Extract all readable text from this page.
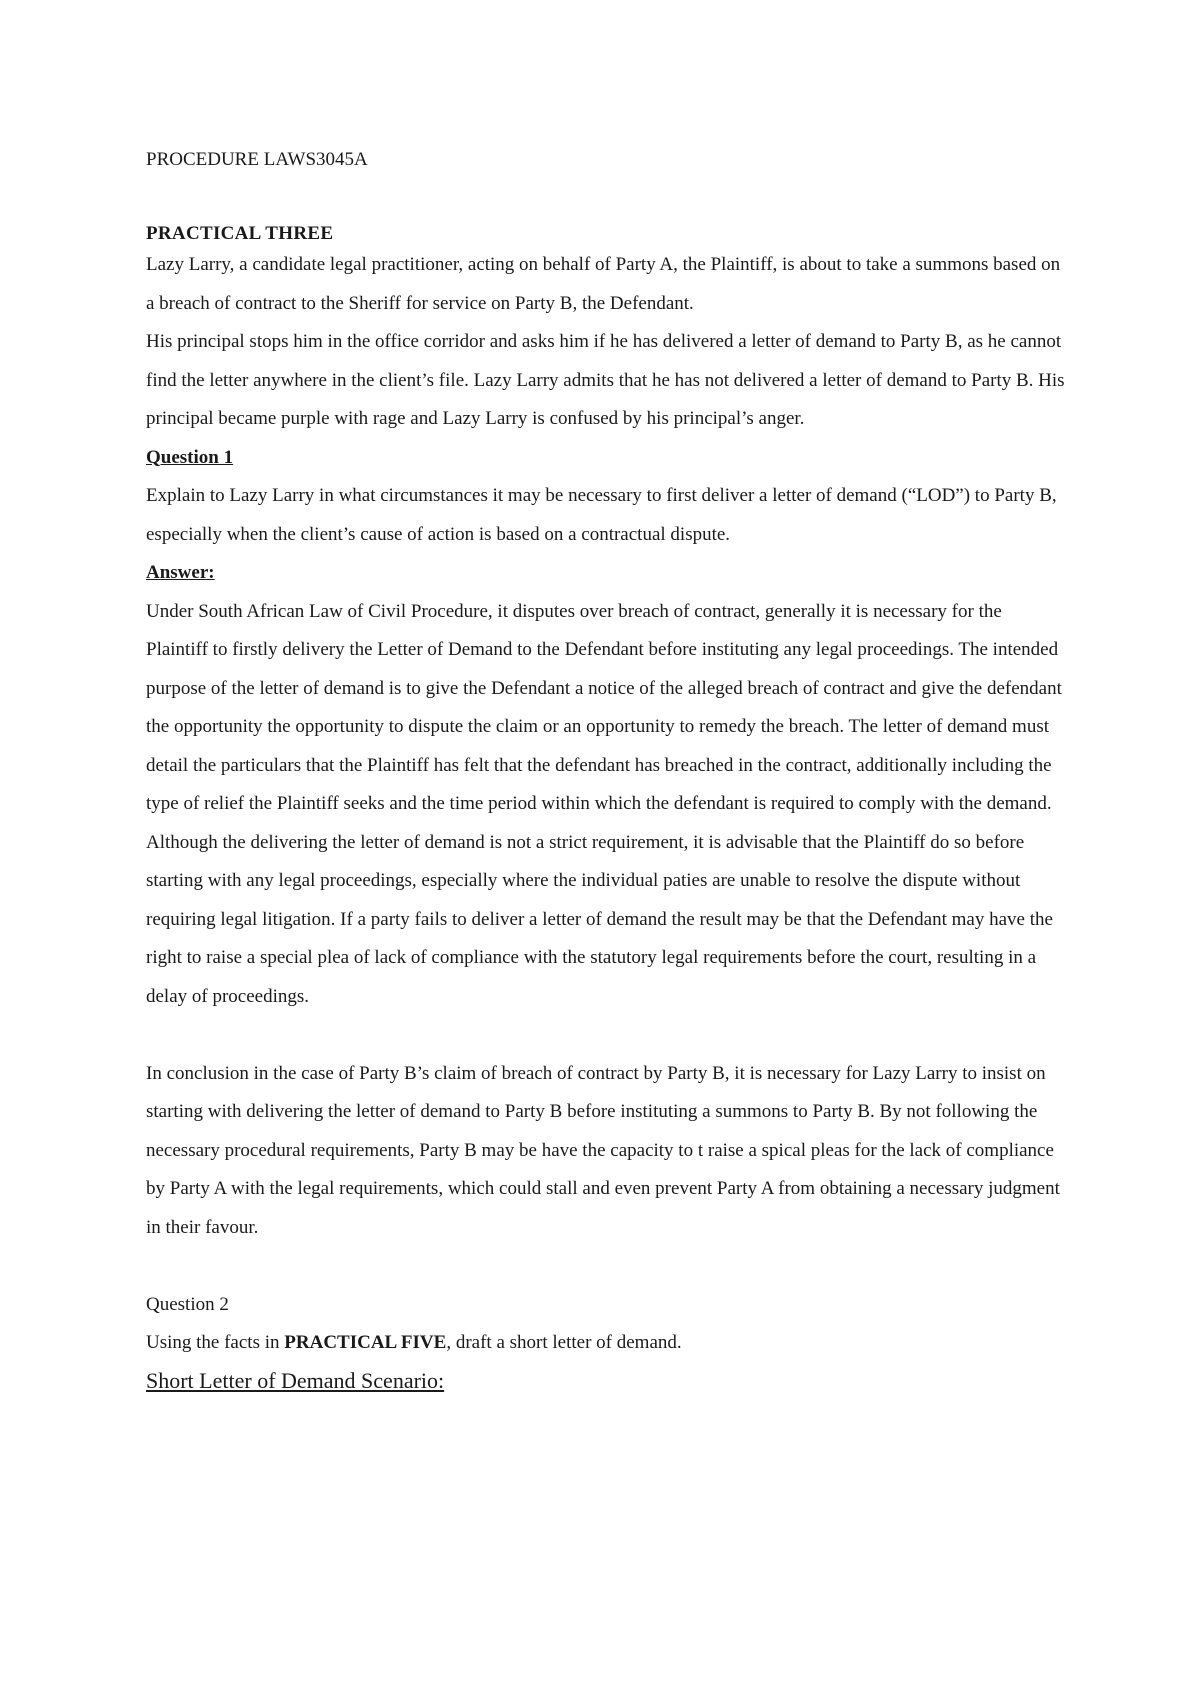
PROCEDURE LAWS3045A

PRACTICAL THREE

Lazy Larry, a candidate legal practitioner, acting on behalf of Party A, the Plaintiff, is about to take a summons based on a breach of contract to the Sheriff for service on Party B, the Defendant.

His principal stops him in the office corridor and asks him if he has delivered a letter of demand to Party B, as he cannot find the letter anywhere in the client’s file. Lazy Larry admits that he has not delivered a letter of demand to Party B. His principal became purple with rage and Lazy Larry is confused by his principal’s anger.

Question 1

Explain to Lazy Larry in what circumstances it may be necessary to first deliver a letter of demand (“LOD”) to Party B, especially when the client’s cause of action is based on a contractual dispute.

Answer:

Under South African Law of Civil Procedure, it disputes over breach of contract, generally it is necessary for the Plaintiff to firstly delivery the Letter of Demand to the Defendant before instituting any legal proceedings. The intended purpose of the letter of demand is to give the Defendant a notice of the alleged breach of contract and give the defendant the opportunity the opportunity to dispute the claim or an opportunity to remedy the breach. The letter of demand must detail the particulars that the Plaintiff has felt that the defendant has breached in the contract, additionally including the type of relief the Plaintiff seeks and the time period within which the defendant is required to comply with the demand. Although the delivering the letter of demand is not a strict requirement, it is advisable that the Plaintiff do so before starting with any legal proceedings, especially where the individual paties are unable to resolve the dispute without requiring legal litigation. If a party fails to deliver a letter of demand the result may be that the Defendant may have the right to raise a special plea of lack of compliance with the statutory legal requirements before the court, resulting in a delay of proceedings.

In conclusion in the case of Party B’s claim of breach of contract by Party B, it is necessary for Lazy Larry to insist on starting with delivering the letter of demand to Party B before instituting a summons to Party B. By not following the necessary procedural requirements, Party B may be have the capacity to t raise a spical pleas for the lack of compliance by Party A with the legal requirements, which could stall and even prevent Party A from obtaining a necessary judgment in their favour.

Question 2

Using the facts in PRACTICAL FIVE, draft a short letter of demand.

Short Letter of Demand Scenario:
